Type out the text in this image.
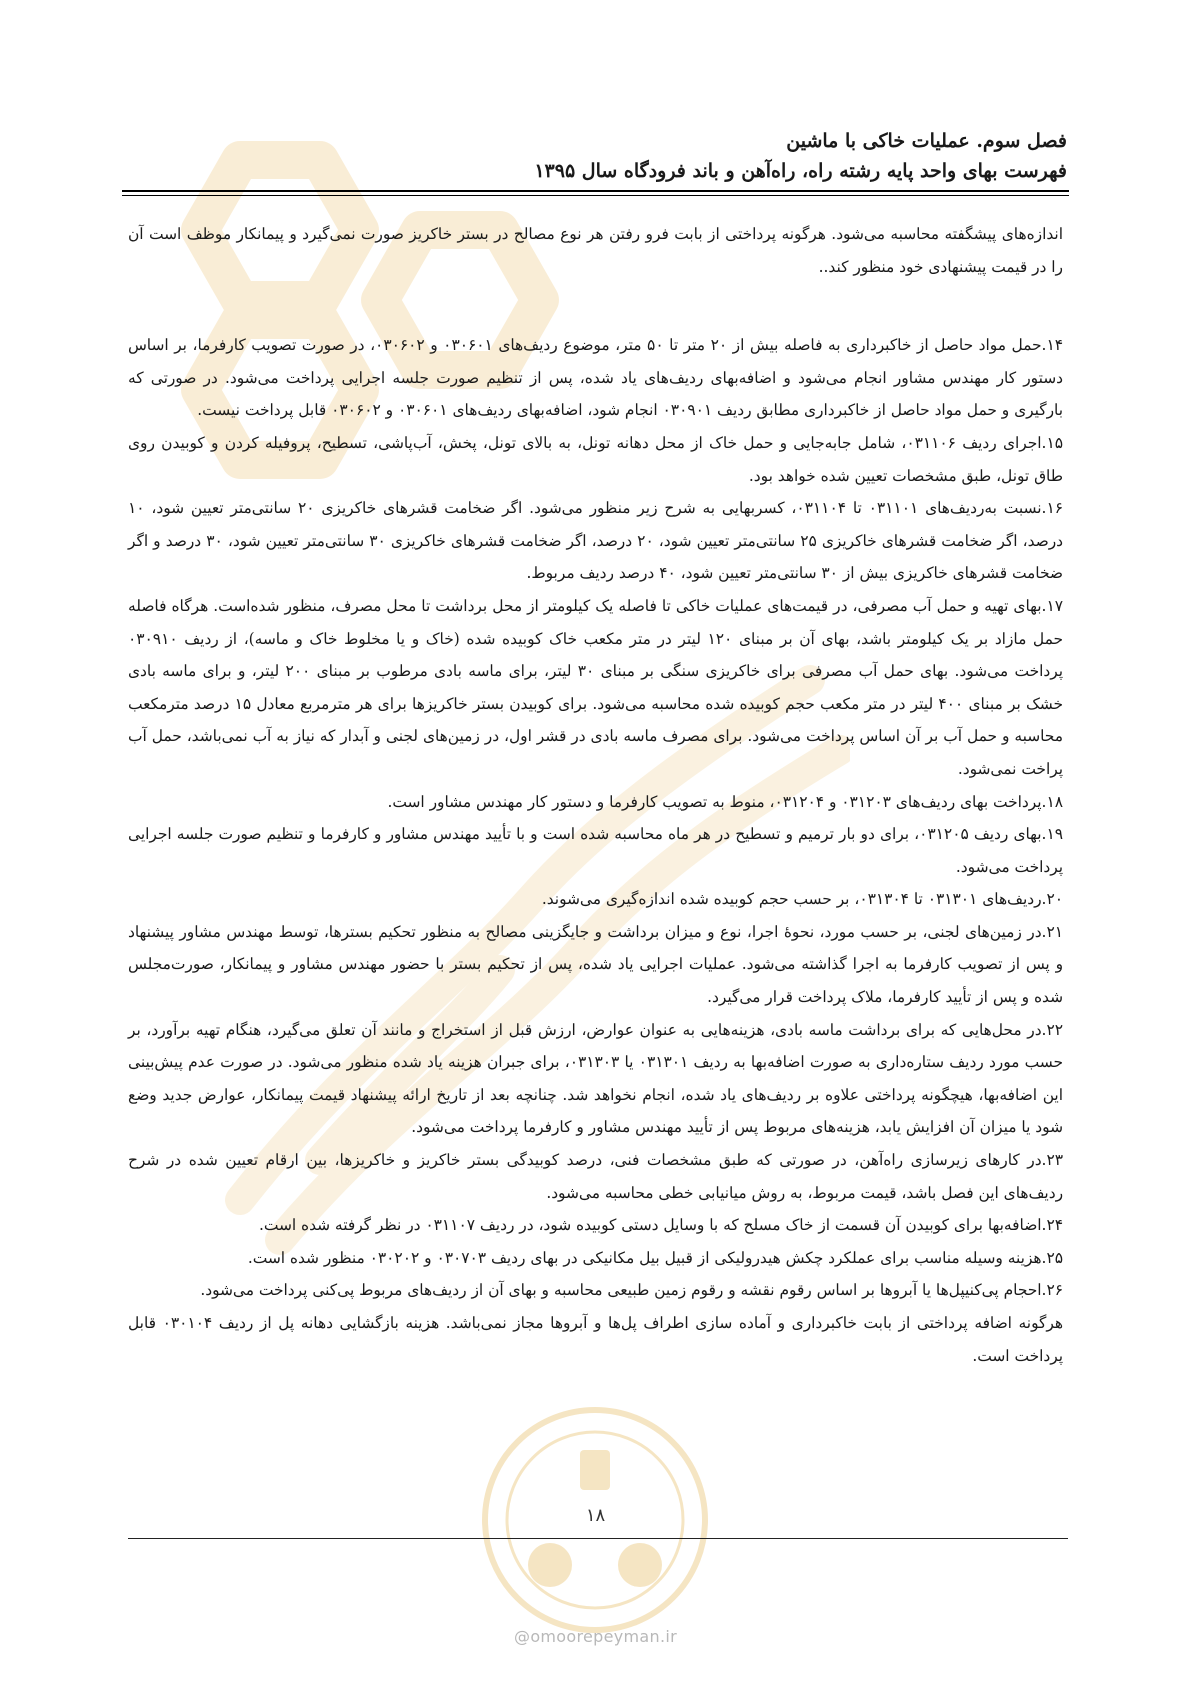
فصل سوم. عملیات خاکی با ماشین
فهرست بهای واحد پایه رشته راه، راه‌آهن و باند فرودگاه سال ۱۳۹۵

اندازه‌های پیشگفته محاسبه می‌شود. هرگونه پرداختی از بابت فرو رفتن هر نوع مصالح در بستر خاکریز صورت نمی‌گیرد و پیمانکار موظف است آن را در قیمت پیشنهادی خود منظور کند..

۱۴.حمل مواد حاصل از خاکبرداری به فاصله بیش از ۲۰ متر تا ۵۰ متر، موضوع ردیف‌های ۰۳۰۶۰۱ و ۰۳۰۶۰۲، در صورت تصویب کارفرما، بر اساس دستور کار مهندس مشاور انجام می‌شود و اضافه‌بهای ردیف‌های یاد شده، پس از تنظیم صورت جلسه اجرایی پرداخت می‌شود. در صورتی که بارگیری و حمل مواد حاصل از خاکبرداری مطابق ردیف ۰۳۰۹۰۱ انجام شود، اضافه‌بهای ردیف‌های ۰۳۰۶۰۱ و ۰۳۰۶۰۲ قابل پرداخت نیست.

۱۵.اجرای ردیف ۰۳۱۱۰۶، شامل جابه‌جایی و حمل خاک از محل دهانه تونل، به بالای تونل، پخش، آب‌پاشی، تسطیح، پروفیله کردن و کوبیدن روی طاق تونل، طبق مشخصات تعیین شده خواهد بود.

۱۶.نسبت به‌ردیف‌های ۰۳۱۱۰۱ تا ۰۳۱۱۰۴، کسربهایی به شرح زیر منظور می‌شود. اگر ضخامت قشرهای خاکریزی ۲۰ سانتی‌متر تعیین شود، ۱۰ درصد، اگر ضخامت قشرهای خاکریزی ۲۵ سانتی‌متر تعیین شود، ۲۰ درصد، اگر ضخامت قشرهای خاکریزی ۳۰ سانتی‌متر تعیین شود، ۳۰ درصد و اگر ضخامت قشرهای خاکریزی بیش از ۳۰ سانتی‌متر تعیین شود، ۴۰ درصد ردیف مربوط.

۱۷.بهای تهیه و حمل آب مصرفی، در قیمت‌های عملیات خاکی تا فاصله یک کیلومتر از محل برداشت تا محل مصرف، منظور شده‌است. هرگاه فاصله حمل مازاد بر یک کیلومتر باشد، بهای آن بر مبنای ۱۲۰ لیتر در متر مکعب خاک کوبیده شده (خاک و یا مخلوط خاک و ماسه)، از ردیف ۰۳۰۹۱۰ پرداخت می‌شود. بهای حمل آب مصرفی برای خاکریزی سنگی بر مبنای ۳۰ لیتر، برای ماسه بادی مرطوب بر مبنای ۲۰۰ لیتر، و برای ماسه بادی خشک بر مبنای ۴۰۰ لیتر در متر مکعب حجم کوبیده شده محاسبه می‌شود. برای کوبیدن بستر خاکریزها برای هر مترمربع معادل ۱۵ درصد مترمکعب محاسبه و حمل آب بر آن اساس پرداخت می‌شود. برای مصرف ماسه بادی در قشر اول، در زمین‌های لجنی و آبدار که نیاز به آب نمی‌باشد، حمل آب پراخت نمی‌شود.

۱۸.پرداخت بهای ردیف‌های ۰۳۱۲۰۳ و ۰۳۱۲۰۴، منوط به تصویب کارفرما و دستور کار مهندس مشاور است.

۱۹.بهای ردیف ۰۳۱۲۰۵، برای دو بار ترمیم و تسطیح در هر ماه محاسبه شده است و با تأیید مهندس مشاور و کارفرما و تنظیم صورت جلسه اجرایی پرداخت می‌شود.

۲۰.ردیف‌های ۰۳۱۳۰۱ تا ۰۳۱۳۰۴، بر حسب حجم کوبیده شده اندازه‌گیری می‌شوند.

۲۱.در زمین‌های لجنی، بر حسب مورد، نحوهٔ اجرا، نوع و میزان برداشت و جایگزینی مصالح به منظور تحکیم بسترها، توسط مهندس مشاور پیشنهاد و پس از تصویب کارفرما به اجرا گذاشته می‌شود. عملیات اجرایی یاد شده، پس از تحکیم بستر با حضور مهندس مشاور و پیمانکار، صورت‌مجلس شده و پس از تأیید کارفرما، ملاک پرداخت قرار می‌گیرد.

۲۲.در محل‌هایی که برای برداشت ماسه بادی، هزینه‌هایی به عنوان عوارض، ارزش قبل از استخراج و مانند آن تعلق می‌گیرد، هنگام تهیه برآورد، بر حسب مورد ردیف ستاره‌داری به صورت اضافه‌بها به ردیف ۰۳۱۳۰۱ یا ۰۳۱۳۰۳، برای جبران هزینه یاد شده منظور می‌شود. در صورت عدم پیش‌بینی این اضافه‌بها، هیچگونه پرداختی علاوه بر ردیف‌های یاد شده، انجام نخواهد شد. چنانچه بعد از تاریخ ارائه پیشنهاد قیمت پیمانکار، عوارض جدید وضع شود یا میزان آن افزایش یابد، هزینه‌های مربوط پس از تأیید مهندس مشاور و کارفرما پرداخت می‌شود.

۲۳.در کارهای زیرسازی راه‌آهن، در صورتی که طبق مشخصات فنی، درصد کوبیدگی بستر خاکریز و خاکریزها، بین ارقام تعیین شده در شرح ردیف‌های این فصل باشد، قیمت مربوط، به روش میانیابی خطی محاسبه می‌شود.

۲۴.اضافه‌بها برای کوبیدن آن قسمت از خاک مسلح که با وسایل دستی کوبیده شود، در ردیف ۰۳۱۱۰۷ در نظر گرفته شده است.

۲۵.هزینه وسیله مناسب برای عملکرد چکش هیدرولیکی از قبیل بیل مکانیکی در بهای ردیف ۰۳۰۷۰۳ و ۰۳۰۲۰۲ منظور شده است.

۲۶.احجام پی‌کنیپل‌ها یا آبروها بر اساس رقوم نقشه و رقوم زمین طبیعی محاسبه و بهای آن از ردیف‌های مربوط پی‌کنی پرداخت می‌شود.

هرگونه اضافه پرداختی از بابت خاکبرداری و آماده سازی اطراف پل‌ها و آبروها مجاز نمی‌باشد. هزینه بازگشایی دهانه پل از ردیف ۰۳۰۱۰۴ قابل پرداخت است.

۱۸
@omoorepeyman.ir
